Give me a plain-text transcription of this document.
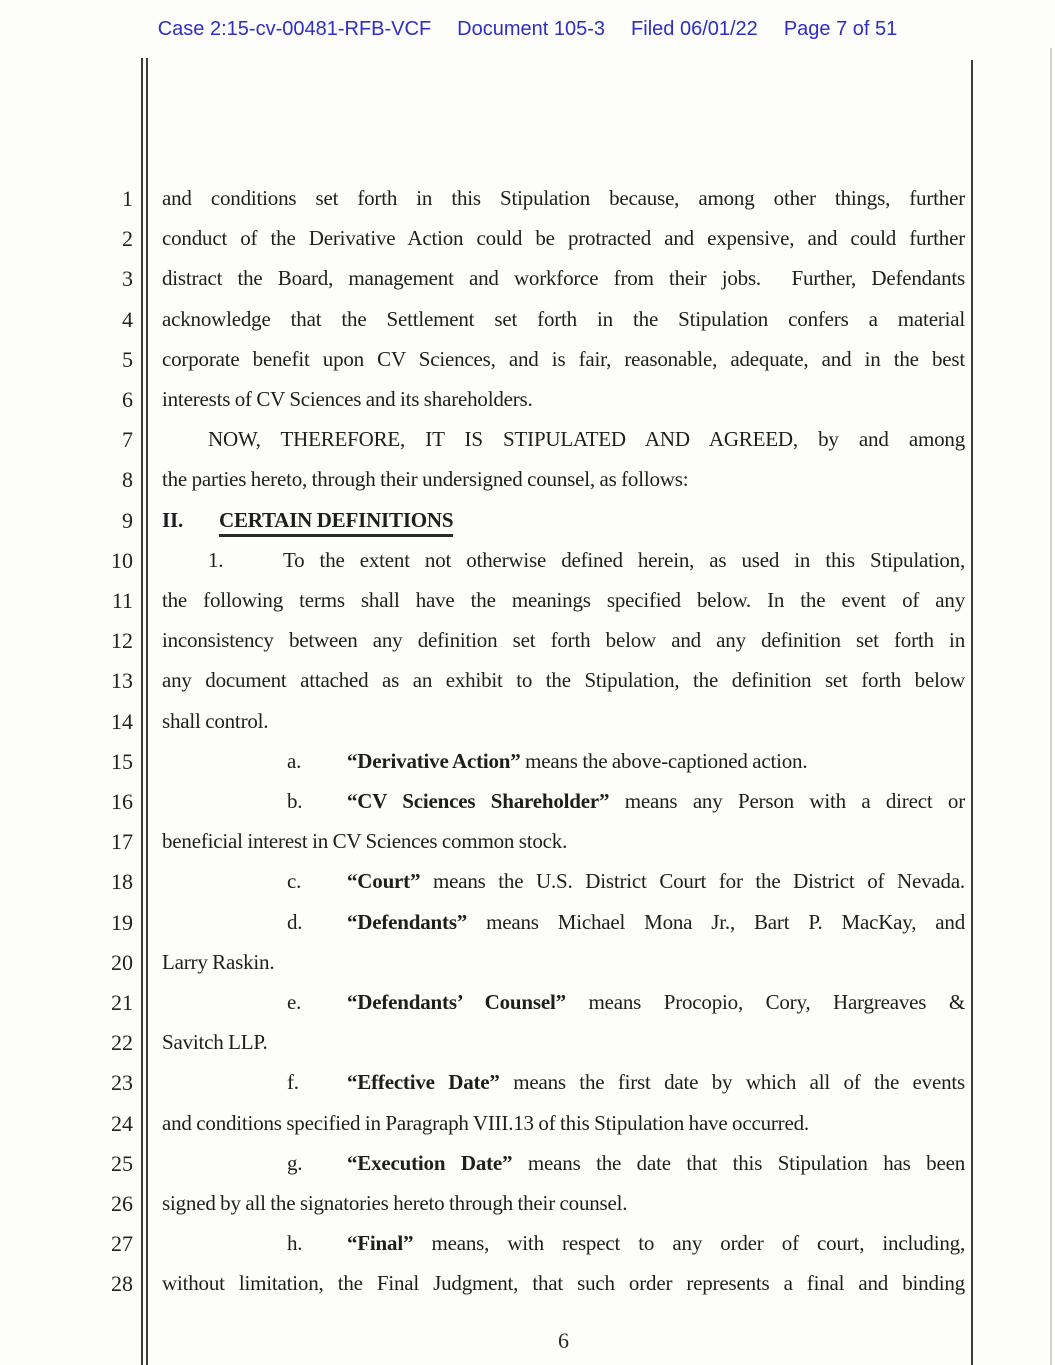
Case 2:15-cv-00481-RFB-VCF Document 105-3 Filed 06/01/22 Page 7 of 51
1
2
3
4
5
6
7
8
9
10
11
12
13
14
15
16
17
18
19
20
21
22
23
24
25
26
27
28
and conditions set forth in this Stipulation because, among other things, further
conduct of the Derivative Action could be protracted and expensive, and could further
distract the Board, management and workforce from their jobs.  Further, Defendants
acknowledge that the Settlement set forth in the Stipulation confers a material
corporate benefit upon CV Sciences, and is fair, reasonable, adequate, and in the best
interests of CV Sciences and its shareholders.
NOW, THEREFORE, IT IS STIPULATED AND AGREED, by and among
the parties hereto, through their undersigned counsel, as follows:
II. CERTAIN DEFINITIONS
1.	To the extent not otherwise defined herein, as used in this Stipulation,
the following terms shall have the meanings specified below. In the event of any
inconsistency between any definition set forth below and any definition set forth in
any document attached as an exhibit to the Stipulation, the definition set forth below
shall control.
a. “Derivative Action” means the above-captioned action.
b. “CV Sciences Shareholder” means any Person with a direct or
beneficial interest in CV Sciences common stock.
c. “Court” means the U.S. District Court for the District of Nevada.
d. “Defendants” means Michael Mona Jr., Bart P. MacKay, and
Larry Raskin.
e. “Defendants’ Counsel” means Procopio, Cory, Hargreaves &
Savitch LLP.
f. “Effective Date” means the first date by which all of the events
and conditions specified in Paragraph VIII.13 of this Stipulation have occurred.
g. “Execution Date” means the date that this Stipulation has been
signed by all the signatories hereto through their counsel.
h. “Final” means, with respect to any order of court, including,
without limitation, the Final Judgment, that such order represents a final and binding
6
